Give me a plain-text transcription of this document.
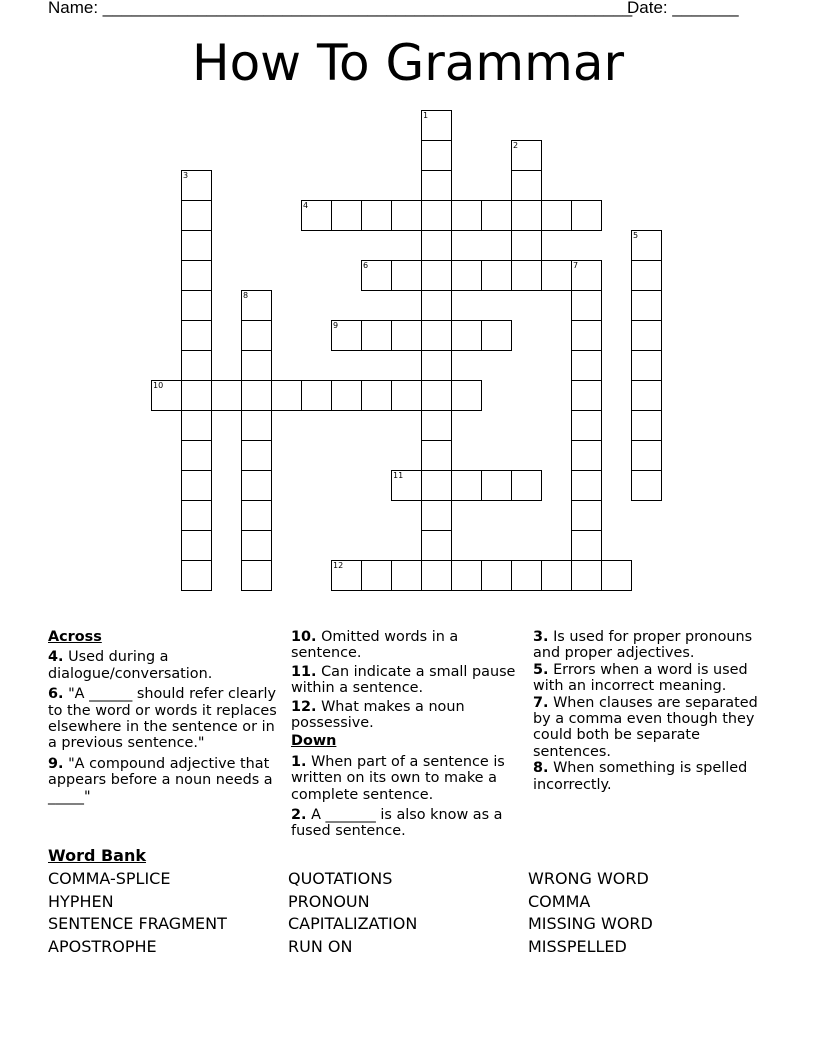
Name: ________________________________________________________
Date: _______
How To Grammar
1
2
3
4
5
6	7
8
9
10
11
12
Across
4. Used during a dialogue/conversation.
6. "A ______ should refer clearly to the word or words it replaces elsewhere in the sentence or in a previous sentence."
9. "A compound adjective that appears before a noun needs a _____"
10. Omitted words in a sentence.
11. Can indicate a small pause within a sentence.
12. What makes a noun possessive.
Down
1. When part of a sentence is written on its own to make a complete sentence.
2. A _______ is also know as a fused sentence.
3. Is used for proper pronouns and proper adjectives.
5. Errors when a word is used with an incorrect meaning.
7. When clauses are separated by a comma even though they could both be separate sentences.
8. When something is spelled incorrectly.
Word Bank
COMMA-SPLICE
HYPHEN
SENTENCE FRAGMENT
APOSTROPHE
QUOTATIONS
PRONOUN
CAPITALIZATION
RUN ON
WRONG WORD
COMMA
MISSING WORD
MISSPELLED
